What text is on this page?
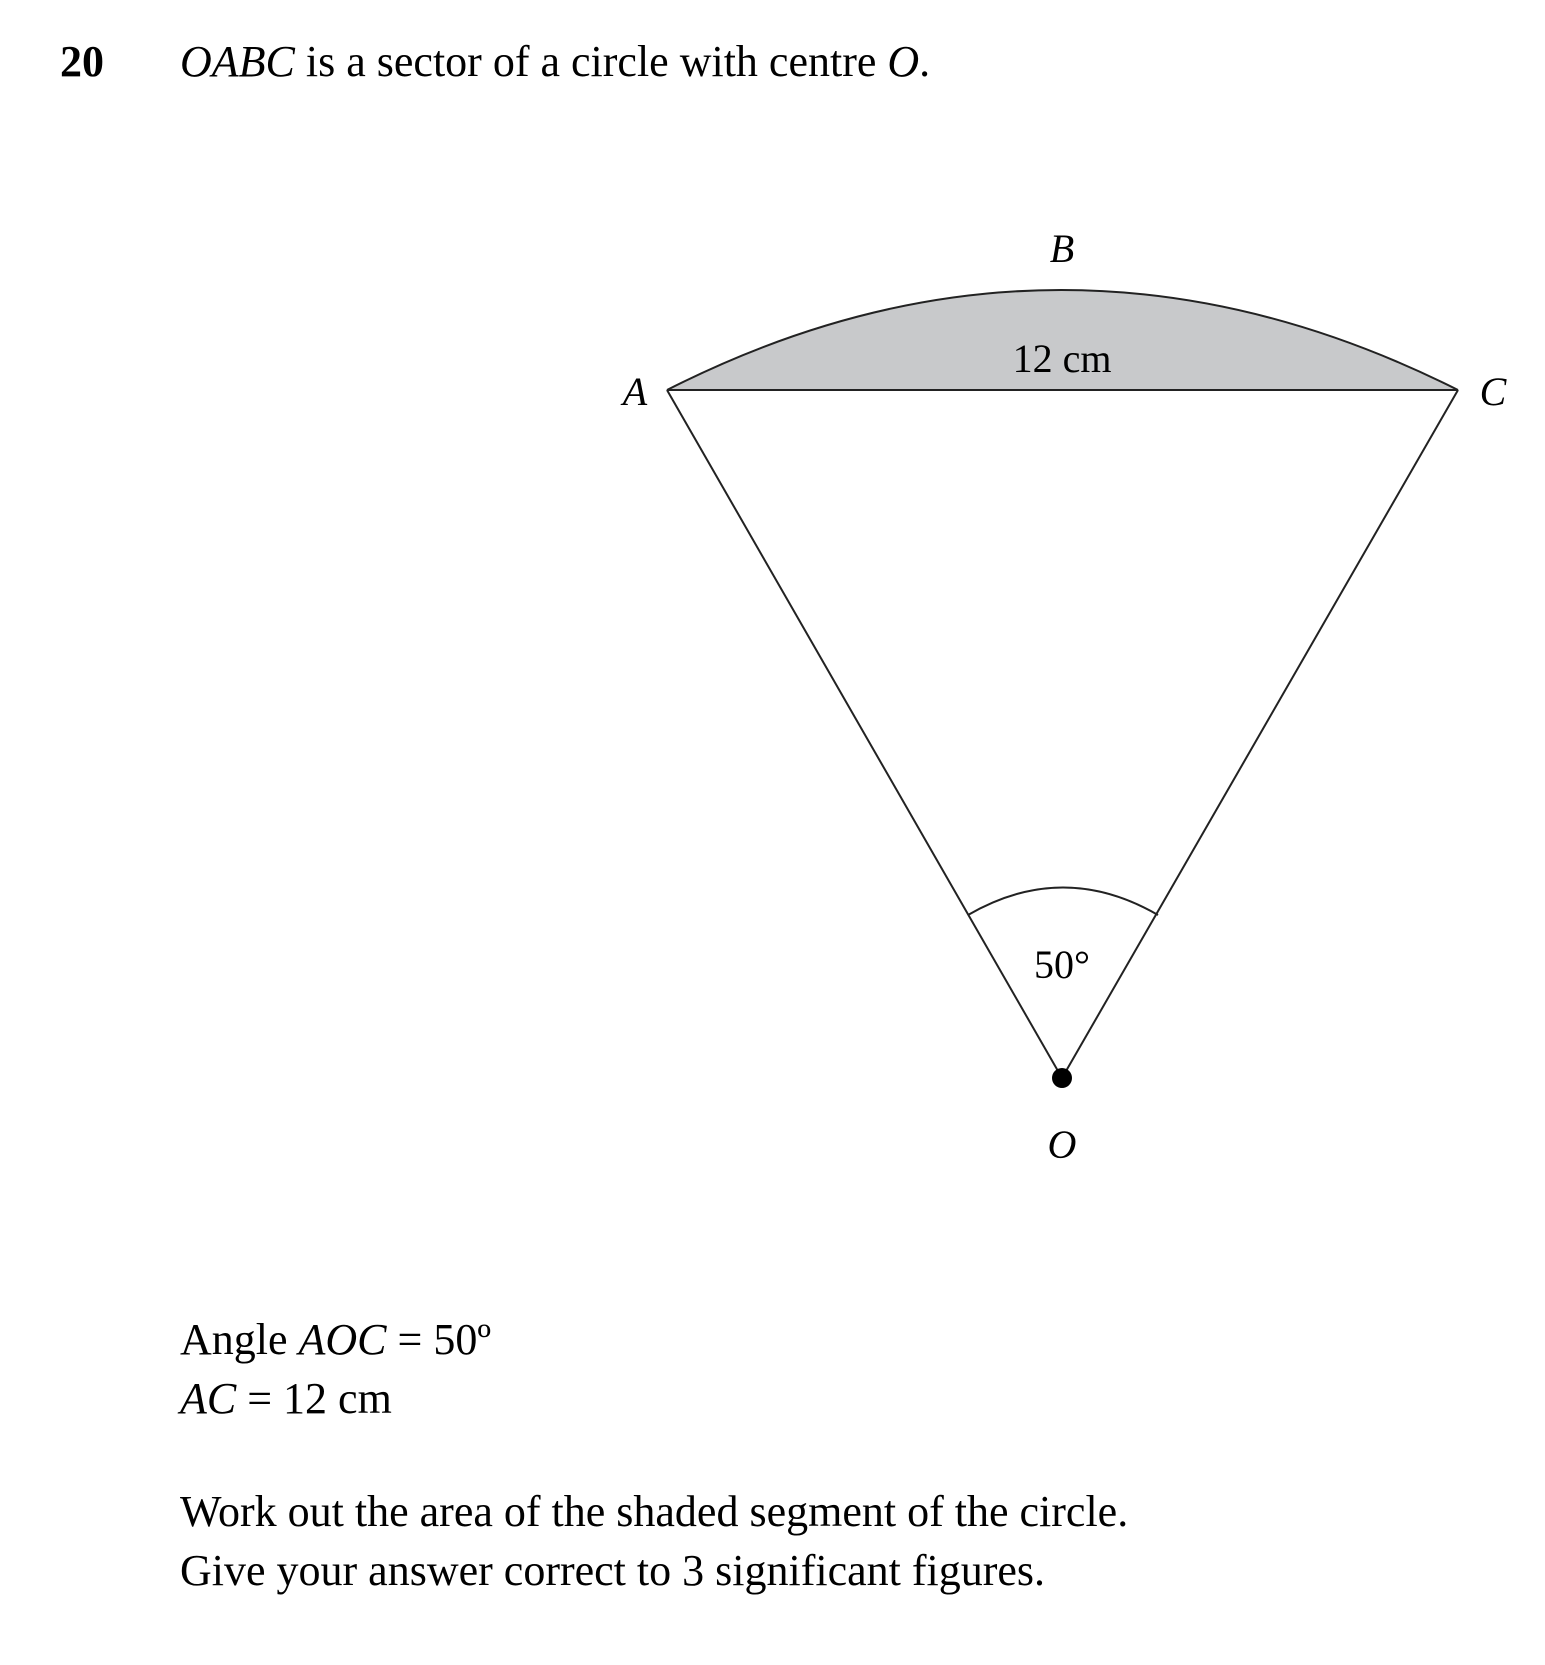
20 OABC is a sector of a circle with centre O.
B
A	C
O
12 cm
50°
Angle AOC = 50º
AC = 12 cm
Work out the area of the shaded segment of the circle.
Give your answer correct to 3 significant figures.
